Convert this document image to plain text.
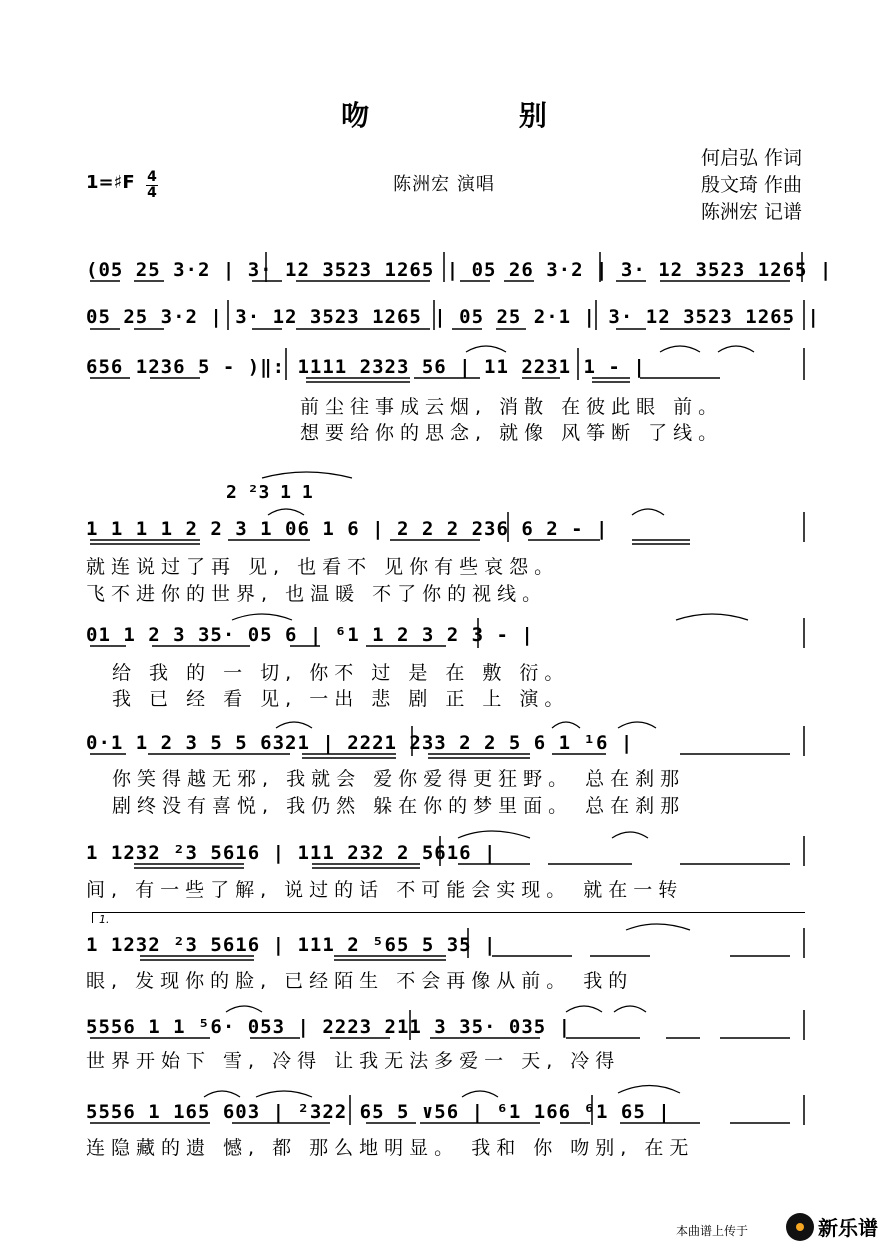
吻 别
1=♯F 4
4	陈洲宏 演唱
何启弘 作词
殷文琦 作曲
陈洲宏 记谱
(05 25 3·2 | 3· 12 3523 1265 | 05 26 3·2 | 3· 12 3523 1265 |
05 25 3·2 | 3· 12 3523 1265 | 05 25 2·1 | 3· 12 3523 1265 |
656 1236 5 - )‖: 1111 2323 56 | 11 2231 1 - |
前尘往事成云烟, 消散 在彼此眼 前。
想要给你的思念, 就像 风筝断 了线。
2 ²3 1 1
1 1 1 1 2 2 3 1 06 1 6 | 2 2 2 236 6 2 - |
就连说过了再 见, 也看不 见你有些哀怨。
飞不进你的世界, 也温暖 不了你的视线。
01 1 2 3 35· 05 6 | ⁶1 1 2 3 2 3 - |
给 我 的 一 切, 你不 过 是 在 敷 衍。
我 已 经 看 见, 一出 悲 剧 正 上 演。
0·1 1 2 3 5 5 6321 | 2221 233 2 2 5 6 1 ¹6 |
你笑得越无邪, 我就会 爱你爱得更狂野。 总在刹那
剧终没有喜悦, 我仍然 躲在你的梦里面。 总在刹那
1 1232 ²3 5616 | 111 232 2 5616 |
间, 有一些了解, 说过的话 不可能会实现。 就在一转
1.
1 1232 ²3 5616 | 111 2 ⁵65 5 35 |
眼, 发现你的脸, 已经陌生 不会再像从前。 我的
5556 1 1 ⁵6· 053 | 2223 211 3 35· 035 |
世界开始下 雪, 冷得 让我无法多爱一 天, 冷得
5556 1 165 603 | ²322 65 5 ∨56 | ⁶1 166 ⁶1 65 |
连隐藏的遗 憾, 都 那么地明显。 我和 你 吻别, 在无
本曲谱上传于	新乐谱
